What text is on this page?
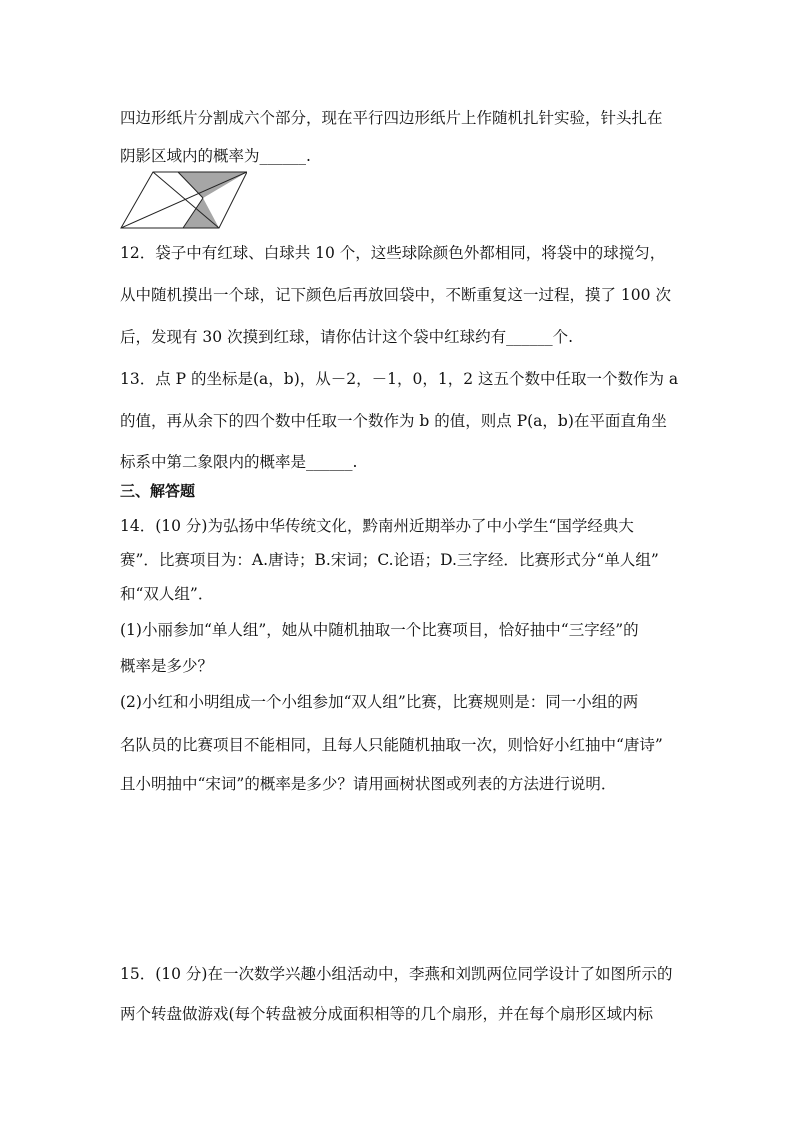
四边形纸片分割成六个部分，现在平行四边形纸片上作随机扎针实验，针头扎在
阴影区域内的概率为______.
12．袋子中有红球、白球共 10 个，这些球除颜色外都相同，将袋中的球搅匀，
从中随机摸出一个球，记下颜色后再放回袋中，不断重复这一过程，摸了 100 次
后，发现有 30 次摸到红球，请你估计这个袋中红球约有______个.
13．点 P 的坐标是(a，b)，从－2，－1，0，1，2 这五个数中任取一个数作为 a
的值，再从余下的四个数中任取一个数作为 b 的值，则点 P(a，b)在平面直角坐
标系中第二象限内的概率是______.
三、解答题
14．(10 分)为弘扬中华传统文化，黔南州近期举办了中小学生“国学经典大
赛”．比赛项目为：A.唐诗；B.宋词；C.论语；D.三字经．比赛形式分“单人组”
和“双人组”．
(1)小丽参加“单人组”，她从中随机抽取一个比赛项目，恰好抽中“三字经”的
概率是多少？
(2)小红和小明组成一个小组参加“双人组”比赛，比赛规则是：同一小组的两
名队员的比赛项目不能相同，且每人只能随机抽取一次，则恰好小红抽中“唐诗”
且小明抽中“宋词”的概率是多少？请用画树状图或列表的方法进行说明．
15．(10 分)在一次数学兴趣小组活动中，李燕和刘凯两位同学设计了如图所示的
两个转盘做游戏(每个转盘被分成面积相等的几个扇形，并在每个扇形区域内标
